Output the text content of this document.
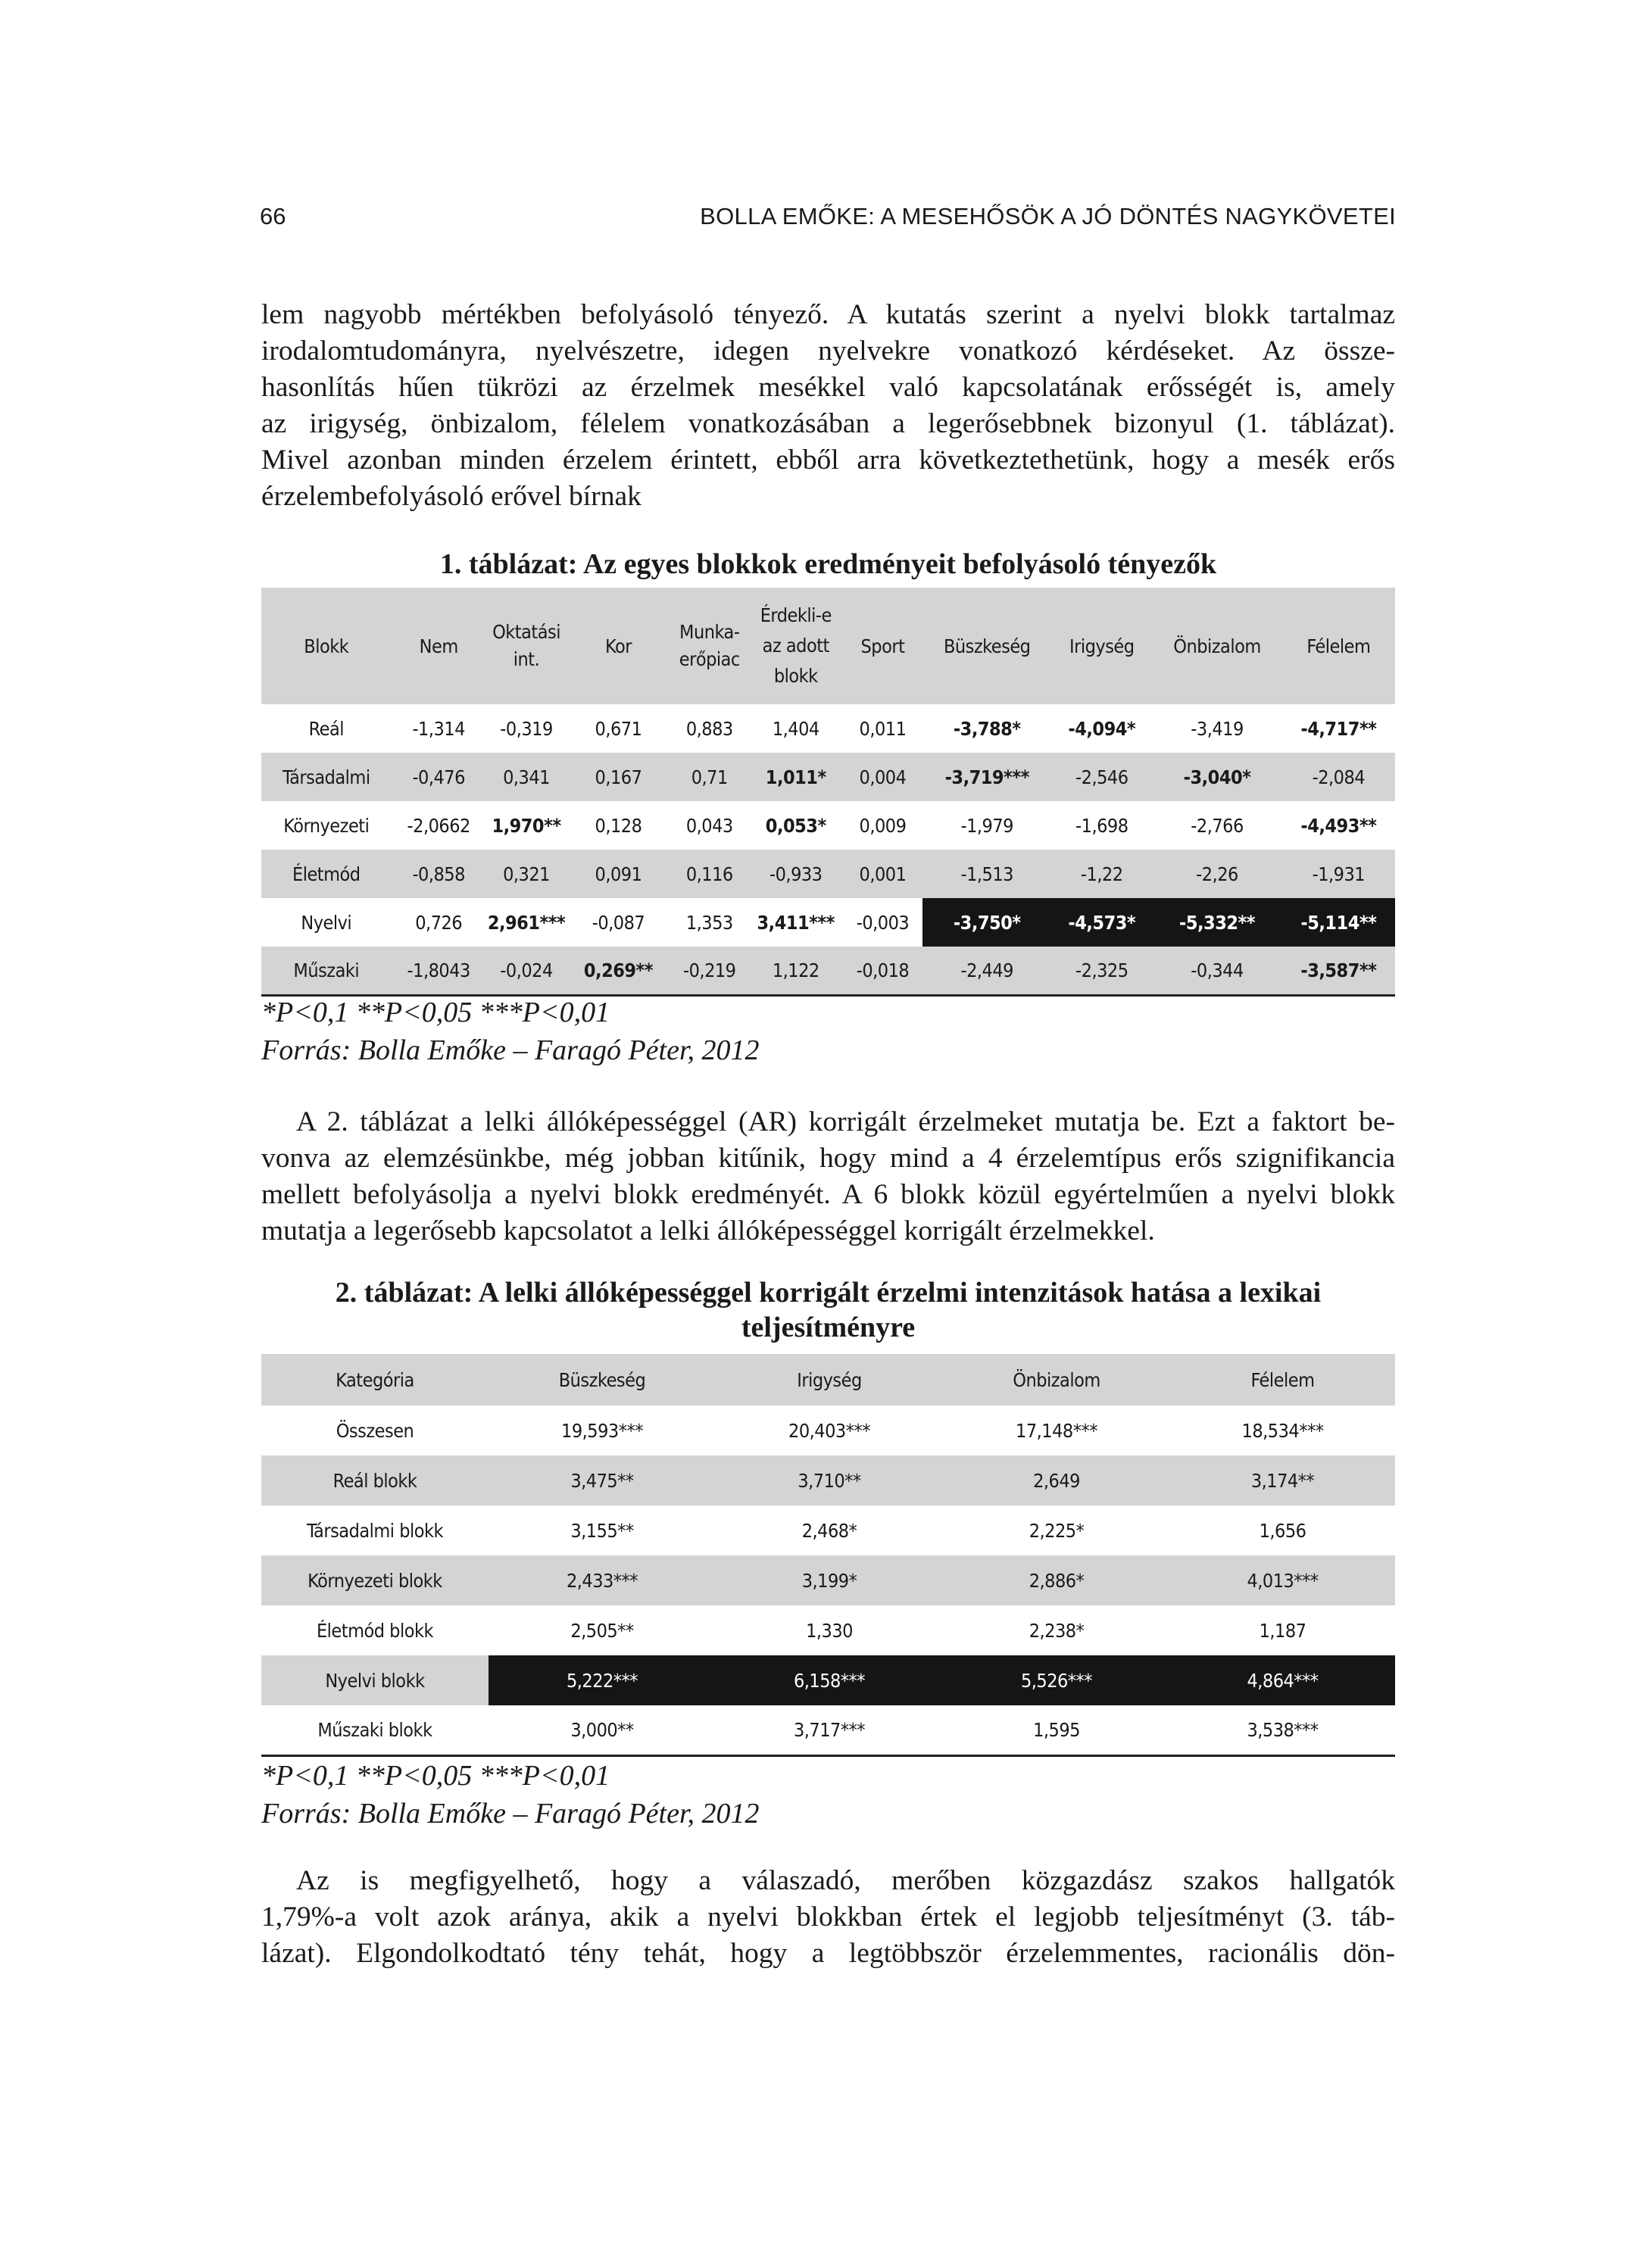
66	BOLLA EMŐKE: A MESEHŐSÖK A JÓ DÖNTÉS NAGYKÖVETEI
lem nagyobb mértékben befolyásoló tényező. A kutatás szerint a nyelvi blokk tartalmaz
irodalomtudományra, nyelvészetre, idegen nyelvekre vonatkozó kérdéseket. Az össze-
hasonlítás hűen tükrözi az érzelmek mesékkel való kapcsolatának erősségét is, amely
az irigység, önbizalom, félelem vonatkozásában a legerősebbnek bizonyul (1. táblázat).
Mivel azonban minden érzelem érintett, ebből arra következtethetünk, hogy a mesék erős
érzelembefolyásoló erővel bírnak
1. táblázat: Az egyes blokkok eredményeit befolyásoló tényezők
Blokk	Nem	Oktatási int.	Kor	Munka-erőpiac	Érdekli-e az adott blokk	Sport	Büszkeség	Irigység	Önbizalom	Félelem
Reál	-1,314	-0,319	0,671	0,883	1,404	0,011	-3,788*	-4,094*	-3,419	-4,717**
Társadalmi	-0,476	0,341	0,167	0,71	1,011*	0,004	-3,719***	-2,546	-3,040*	-2,084
Környezeti	-2,0662	1,970**	0,128	0,043	0,053*	0,009	-1,979	-1,698	-2,766	-4,493**
Életmód	-0,858	0,321	0,091	0,116	-0,933	0,001	-1,513	-1,22	-2,26	-1,931
Nyelvi	0,726	2,961***	-0,087	1,353	3,411***	-0,003	-3,750*	-4,573*	-5,332**	-5,114**
Műszaki	-1,8043	-0,024	0,269**	-0,219	1,122	-0,018	-2,449	-2,325	-0,344	-3,587**
*P<0,1 **P<0,05 ***P<0,01
Forrás: Bolla Emőke – Faragó Péter, 2012
A 2. táblázat a lelki állóképességgel (AR) korrigált érzelmeket mutatja be. Ezt a faktort be-
vonva az elemzésünkbe, még jobban kitűnik, hogy mind a 4 érzelemtípus erős szignifikancia
mellett befolyásolja a nyelvi blokk eredményét. A 6 blokk közül egyértelműen a nyelvi blokk
mutatja a legerősebb kapcsolatot a lelki állóképességgel korrigált érzelmekkel.
2. táblázat: A lelki állóképességgel korrigált érzelmi intenzitások hatása a lexikai
teljesítményre
Kategória	Büszkeség	Irigység	Önbizalom	Félelem
Összesen	19,593***	20,403***	17,148***	18,534***
Reál blokk	3,475**	3,710**	2,649	3,174**
Társadalmi blokk	3,155**	2,468*	2,225*	1,656
Környezeti blokk	2,433***	3,199*	2,886*	4,013***
Életmód blokk	2,505**	1,330	2,238*	1,187
Nyelvi blokk	5,222***	6,158***	5,526***	4,864***
Műszaki blokk	3,000**	3,717***	1,595	3,538***
*P<0,1 **P<0,05 ***P<0,01
Forrás: Bolla Emőke – Faragó Péter, 2012
Az is megfigyelhető, hogy a válaszadó, merőben közgazdász szakos hallgatók
1,79%-a volt azok aránya, akik a nyelvi blokkban értek el legjobb teljesítményt (3. táb-
lázat). Elgondolkodtató tény tehát, hogy a legtöbbször érzelemmentes, racionális dön-
